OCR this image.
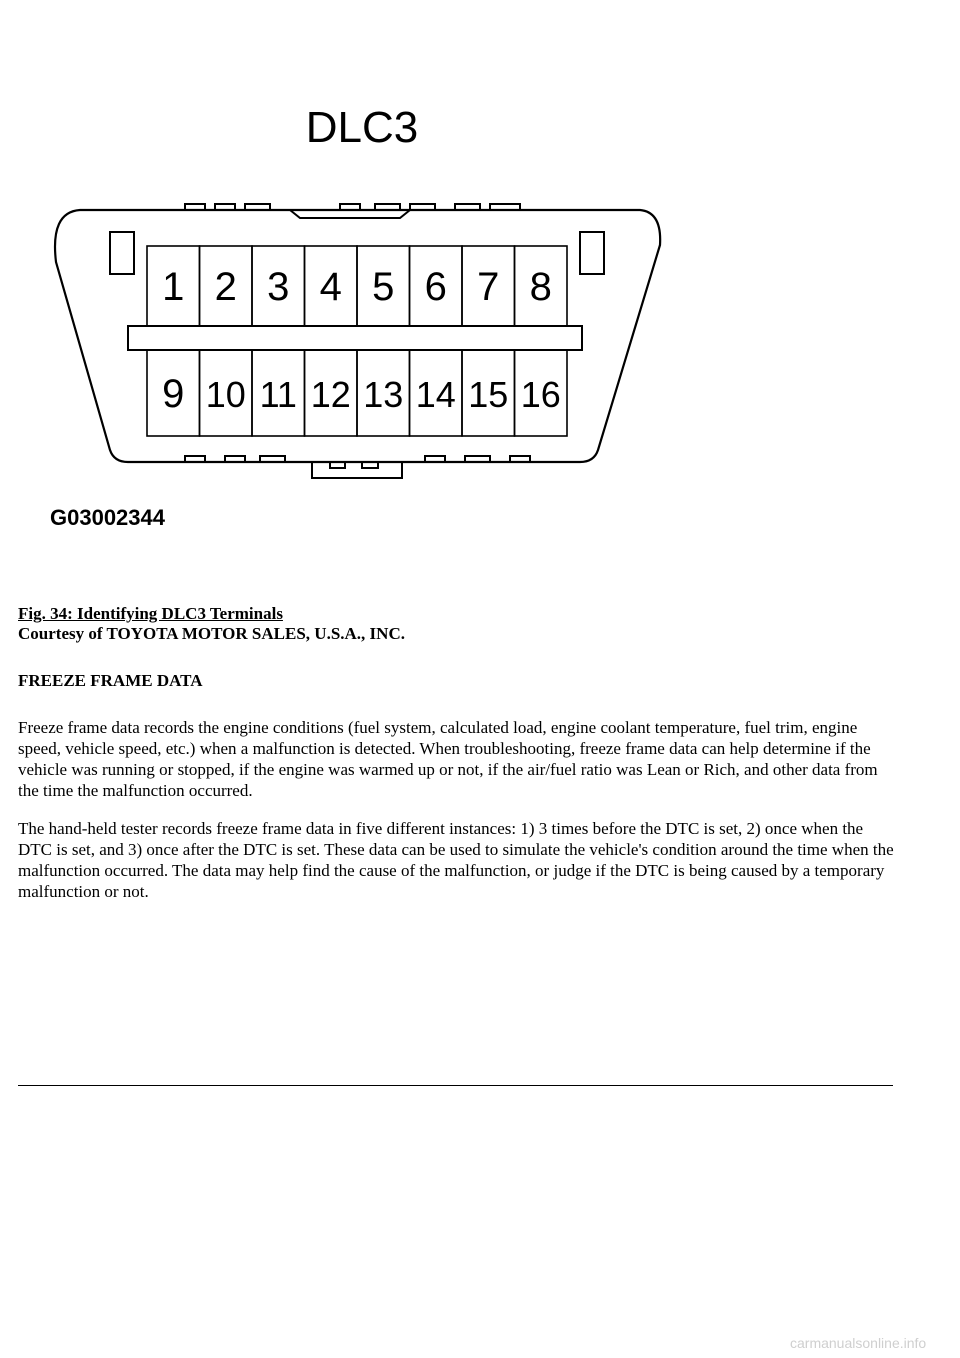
DLC3
1 2 3 4 5 6 7 8
9 10 11 12 13 14 15 16
G03002344

Fig. 34: Identifying DLC3 Terminals

Courtesy of TOYOTA MOTOR SALES, U.S.A., INC.

FREEZE FRAME DATA

Freeze frame data records the engine conditions (fuel system, calculated load, engine coolant temperature, fuel trim, engine speed, vehicle speed, etc.) when a malfunction is detected. When troubleshooting, freeze frame data can help determine if the vehicle was running or stopped, if the engine was warmed up or not, if the air/fuel ratio was Lean or Rich, and other data from the time the malfunction occurred.

The hand-held tester records freeze frame data in five different instances: 1) 3 times before the DTC is set, 2) once when the DTC is set, and 3) once after the DTC is set. These data can be used to simulate the vehicle's condition around the time when the malfunction occurred. The data may help find the cause of the malfunction, or judge if the DTC is being caused by a temporary malfunction or not.

carmanualsonline.info
